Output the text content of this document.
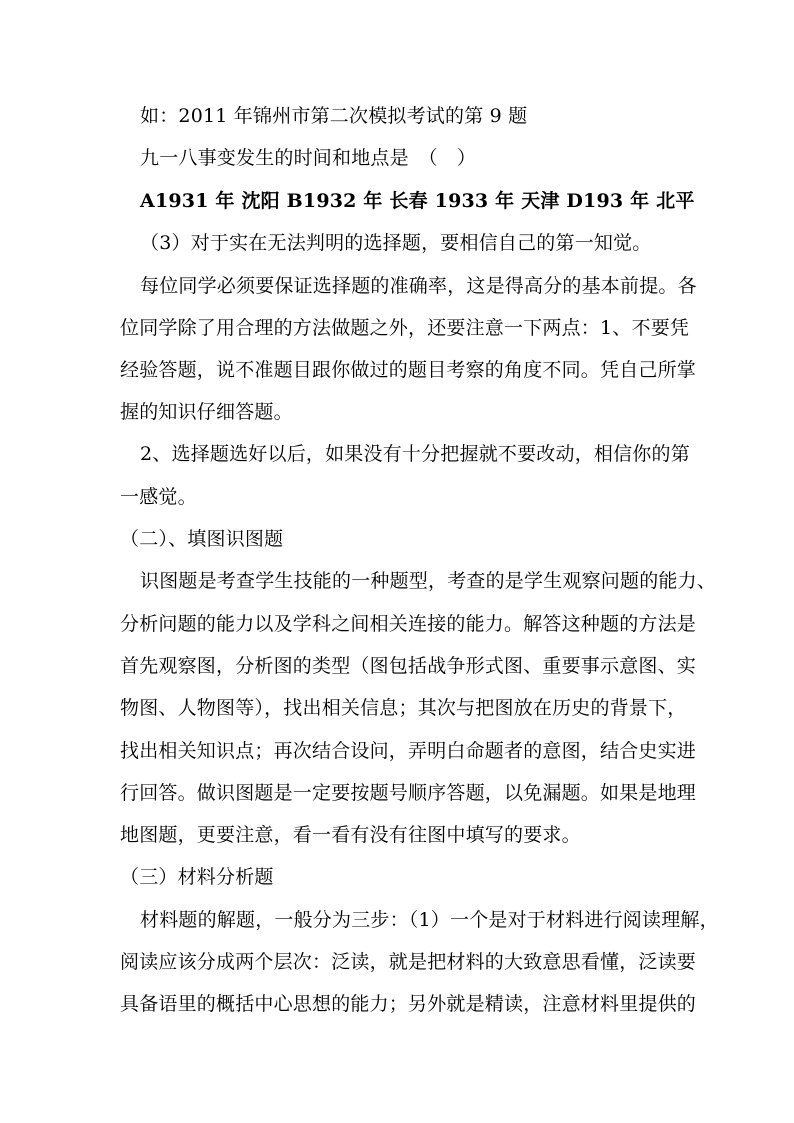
如：2011 年锦州市第二次模拟考试的第 9 题
九一八事变发生的时间和地点是　（　）
A1931 年 沈阳 B1932 年 长春 1933 年 天津 D193 年 北平
（3）对于实在无法判明的选择题，要相信自己的第一知觉。
每位同学必须要保证选择题的准确率，这是得高分的基本前提。各
位同学除了用合理的方法做题之外，还要注意一下两点：1、不要凭
经验答题，说不准题目跟你做过的题目考察的角度不同。凭自己所掌
握的知识仔细答题。
2、选择题选好以后，如果没有十分把握就不要改动，相信你的第
一感觉。
（二）、填图识图题
识图题是考查学生技能的一种题型，考查的是学生观察问题的能力、
分析问题的能力以及学科之间相关连接的能力。解答这种题的方法是
首先观察图，分析图的类型（图包括战争形式图、重要事示意图、实
物图、人物图等），找出相关信息；其次与把图放在历史的背景下，
找出相关知识点；再次结合设问，弄明白命题者的意图，结合史实进
行回答。做识图题是一定要按题号顺序答题，以免漏题。如果是地理
地图题，更要注意，看一看有没有往图中填写的要求。
（三）材料分析题
材料题的解题，一般分为三步：（1）一个是对于材料进行阅读理解，
阅读应该分成两个层次：泛读，就是把材料的大致意思看懂，泛读要
具备语里的概括中心思想的能力；另外就是精读，注意材料里提供的
